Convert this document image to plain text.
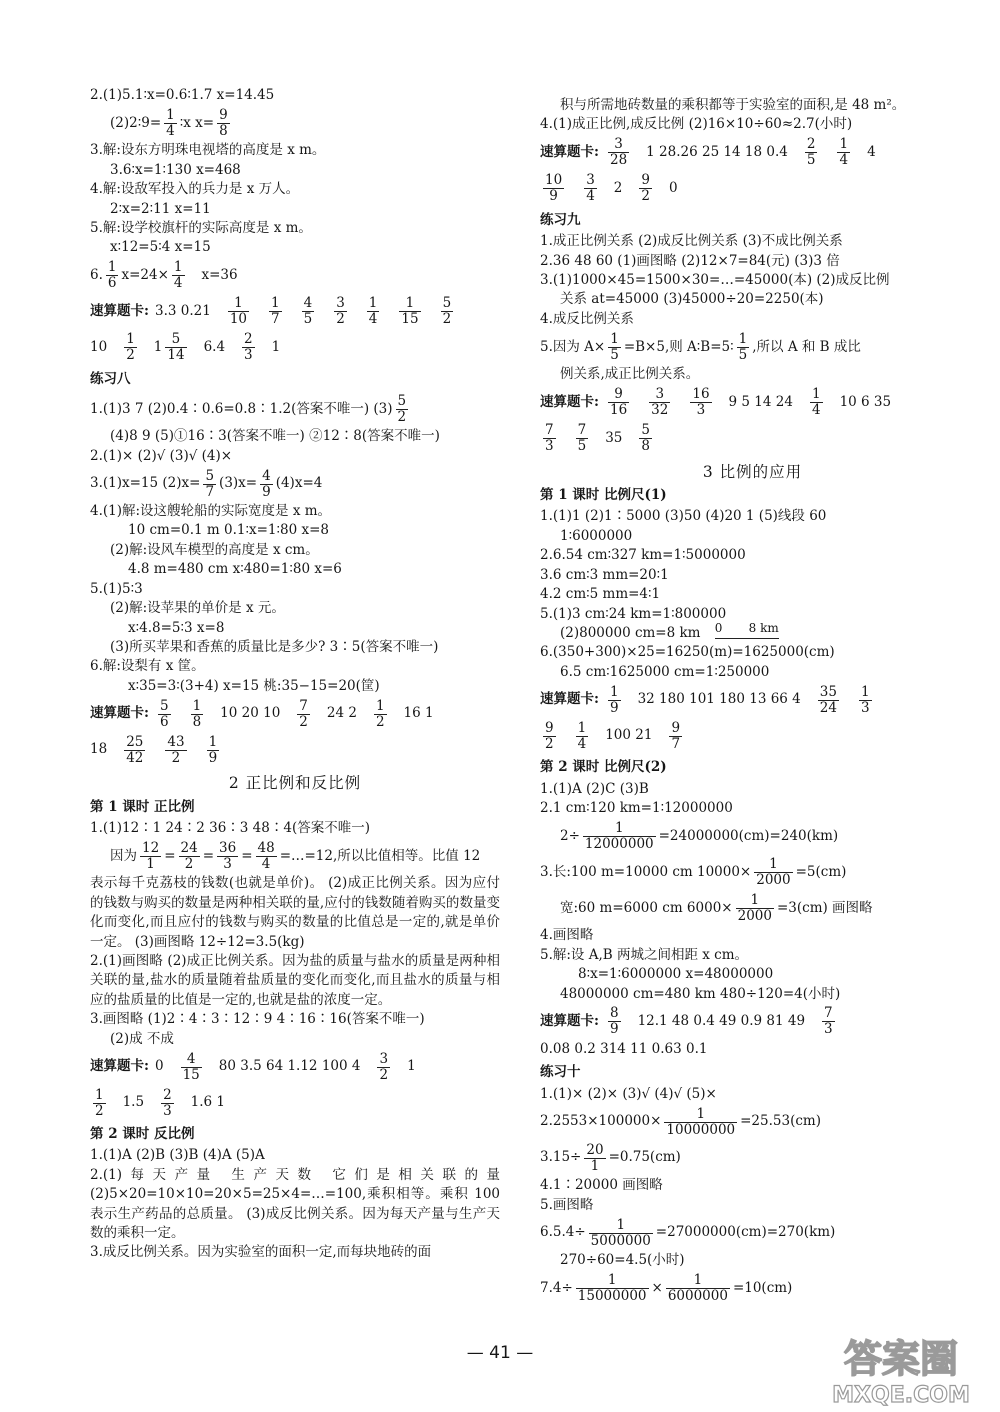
2.(1)5.1∶x=0.6∶1.7 x=14.45
(2)2∶9= $\frac{1}{4}$ ∶x $x= \frac{9}{8}$
3.解:设东方明珠电视塔的高度是 x m。
3.6∶x=1∶130 x=468
4.解:设敌军投入的兵力是 x 万人。
2∶x=2∶11 x=11
5.解:设学校旗杆的实际高度是 x m。
x∶12=5∶4 x=15
6. $\frac{1}{6} x=24\times \frac{1}{4} x=36$
速算题卡: 3.3 $0.21 \frac{1}{10} \frac{1}{7} \frac{4}{5} \frac{3}{2} \frac{1}{4} \frac{1}{15} \frac{5}{2}$
$10 \frac{1}{2} 1 \frac{5}{14} 6.4 \frac{2}{3} 1$
练习八
1.(1)3 7 (2)0.4∶0.6=0.8∶1.2(答案不唯一) $(3) \frac{5}{2}$
(4)8 9 (5)①16∶3(答案不唯一) ②12∶8(答案不唯一)
2.(1)× (2)√ (3)√ (4)×
3.(1)x=15 $(2)x= \frac{5}{7} (3)x= \frac{4}{9} (4)x=4$
4.(1)解:设这艘轮船的实际宽度是 x m。
10 cm=0.1 m 0.1∶x=1∶80 x=8
(2)解:设风车模型的高度是 x cm。
4.8 m=480 cm x∶480=1∶80 x=6
5.(1)5∶3
(2)解:设苹果的单价是 x 元。
x∶4.8=5∶3 x=8
(3)所买苹果和香蕉的质量比是多少? 3∶5(答案不唯一)
6.解:设梨有 x 筐。
x∶35=3∶(3+4) x=15 桃:35−15=20(筐)
速算题卡: $\frac{5}{6} \frac{1}{8} 10$ 20 $10 \frac{7}{2} 24$ $2 \frac{1}{2} 16$ 1
$18 \frac{25}{42} \frac{43}{2} \frac{1}{9}$
2 正比例和反比例
第 1 课时 正比例
1.(1)12∶1 24∶2 36∶3 48∶4(答案不唯一)
因为 $\frac{12}{1} = \frac{24}{2} = \frac{36}{3} = \frac{48}{4}$ =…=12,所以比值相等。比值 12
表示每千克荔枝的钱数(也就是单价)。 (2)成正比例关系。因为应付的钱数与购买的数量是两种相关联的量,应付的钱数随着购买的数量变化而变化,而且应付的钱数与购买的数量的比值总是一定的,就是单价一定。 (3)画图略 12÷12=3.5(kg)
2.(1)画图略 (2)成正比例关系。因为盐的质量与盐水的质量是两种相关联的量,盐水的质量随着盐质量的变化而变化,而且盐水的质量与相应的盐质量的比值是一定的,也就是盐的浓度一定。
3.画图略 (1)2∶4∶3∶12∶9 4∶16∶16(答案不唯一)
(2)成 不成
速算题卡: $0 \frac{4}{15} 80$ 3.5 64 1.12 100 $4 \frac{3}{2} 1$
$\frac{1}{2} 1.5 \frac{2}{3} 1.6$ 1
第 2 课时 反比例
1.(1)A (2)B (3)B (4)A (5)A
2.(1)每天产量 生产天数 它们是相关联的量 (2)5×20=10×10=20×5=25×4=…=100,乘积相等。乘积 100 表示生产药品的总质量。 (3)成反比例关系。因为每天产量与生产天数的乘积一定。
3.成反比例关系。因为实验室的面积一定,而每块地砖的面
积与所需地砖数量的乘积都等于实验室的面积,是 48 m²。
4.(1)成正比例,成反比例 (2)16×10÷60≈2.7(小时)
速算题卡: $\frac{3}{28} 1$ 28.26 25 14 18 $0.4 \frac{2}{5} \frac{1}{4} 4$
$\frac{10}{9} \frac{3}{4} 2 \frac{9}{2} 0$
练习九
1.成正比例关系 (2)成反比例关系 (3)不成比例关系
2.36 48 60 (1)画图略 (2)12×7=84(元) (3)3 倍
3.(1)1000×45=1500×30=…=45000(本) (2)成反比例
关系 at=45000 (3)45000÷20=2250(本)
4.成反比例关系
5.因为 $A\times \frac{1}{5} =B\times 5$,则 A∶B=5∶ $\frac{1}{5}$ ,所以 A 和 B 成比
例关系,成正比例关系。
速算题卡: $\frac{9}{16} \frac{3}{32} \frac{16}{3} 9$ 5 14 $24 \frac{1}{4} 10$ 6 35
$\frac{7}{3} \frac{7}{5} 35 \frac{5}{8}$
3 比例的应用
第 1 课时 比例尺(1)
1.(1)1 (2)1∶5000 (3)50 (4)20 1 (5)线段 60
1∶6000000
2.6.54 cm∶327 km=1∶5000000
3.6 cm∶3 mm=20∶1
4.2 cm∶5 mm=4∶1
5.(1)3 cm∶24 km=1∶800000
(2)800000 cm=8 km 0 8 km
6.(350+300)×25=16250(m)=1625000(cm)
6.5 cm∶1625000 cm=1∶250000
速算题卡: $\frac{1}{9} 32$ 180 101 180 13 66 $4 \frac{35}{24} \frac{1}{3}$
$\frac{9}{2} \frac{1}{4} 100$ $21 \frac{9}{7}$
第 2 课时 比例尺(2)
1.(1)A (2)C (3)B
2.1 cm∶120 km=1∶12000000
$2\div \frac{1}{12000000} =24000000(cm)=240(km)$
3.长:100 m=10000 cm $10000\times \frac{1}{2000} =5(cm)$
宽:60 m=6000 cm $6000\times \frac{1}{2000} =3(cm)$ 画图略
4.画图略
5.解:设 A,B 两城之间相距 x cm。
8∶x=1∶6000000 x=48000000
48000000 cm=480 km 480÷120=4(小时)
速算题卡: $\frac{8}{9} 12.1$ 48 0.4 49 0.9 81 $49 \frac{7}{3}$
0.08 0.2 314 11 0.63 0.1
练习十
1.(1)× (2)× (3)√ (4)√ (5)×
$2.2553\times 100000\times \frac{1}{10000000} =25.53(cm)$
$3.15\div \frac{20}{1} =0.75(cm)$
4.1∶20000 画图略
5.画图略
$6.5.4\div \frac{1}{5000000} =27000000(cm)=270(km)$
270÷60=4.5(小时)
$7.4\div \frac{1}{15000000} \times \frac{1}{6000000} =10(cm)$
— 41 —	答案圈
MXQE.COM
